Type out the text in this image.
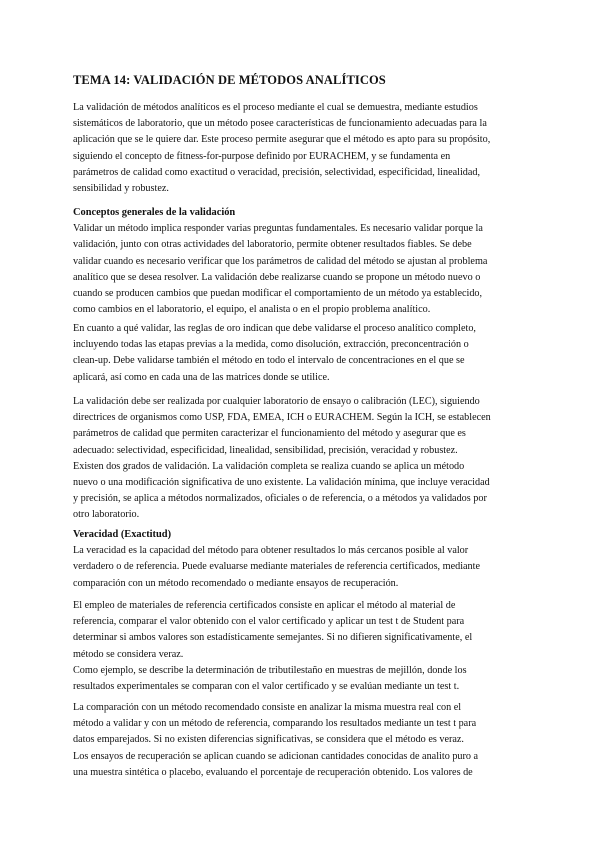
TEMA 14: VALIDACIÓN DE MÉTODOS ANALÍTICOS
La validación de métodos analíticos es el proceso mediante el cual se demuestra, mediante estudios
sistemáticos de laboratorio, que un método posee características de funcionamiento adecuadas para la
aplicación que se le quiere dar. Este proceso permite asegurar que el método es apto para su propósito,
siguiendo el concepto de fitness-for-purpose definido por EURACHEM, y se fundamenta en
parámetros de calidad como exactitud o veracidad, precisión, selectividad, especificidad, linealidad,
sensibilidad y robustez.
Conceptos generales de la validación
Validar un método implica responder varias preguntas fundamentales. Es necesario validar porque la
validación, junto con otras actividades del laboratorio, permite obtener resultados fiables. Se debe
validar cuando es necesario verificar que los parámetros de calidad del método se ajustan al problema
analítico que se desea resolver. La validación debe realizarse cuando se propone un método nuevo o
cuando se producen cambios que puedan modificar el comportamiento de un método ya establecido,
como cambios en el laboratorio, el equipo, el analista o en el propio problema analítico.
En cuanto a qué validar, las reglas de oro indican que debe validarse el proceso analítico completo,
incluyendo todas las etapas previas a la medida, como disolución, extracción, preconcentración o
clean-up. Debe validarse también el método en todo el intervalo de concentraciones en el que se
aplicará, así como en cada una de las matrices donde se utilice.
La validación debe ser realizada por cualquier laboratorio de ensayo o calibración (LEC), siguiendo
directrices de organismos como USP, FDA, EMEA, ICH o EURACHEM. Según la ICH, se establecen
parámetros de calidad que permiten caracterizar el funcionamiento del método y asegurar que es
adecuado: selectividad, especificidad, linealidad, sensibilidad, precisión, veracidad y robustez.
Existen dos grados de validación. La validación completa se realiza cuando se aplica un método
nuevo o una modificación significativa de uno existente. La validación mínima, que incluye veracidad
y precisión, se aplica a métodos normalizados, oficiales o de referencia, o a métodos ya validados por
otro laboratorio.
Veracidad (Exactitud)
La veracidad es la capacidad del método para obtener resultados lo más cercanos posible al valor
verdadero o de referencia. Puede evaluarse mediante materiales de referencia certificados, mediante
comparación con un método recomendado o mediante ensayos de recuperación.
El empleo de materiales de referencia certificados consiste en aplicar el método al material de
referencia, comparar el valor obtenido con el valor certificado y aplicar un test t de Student para
determinar si ambos valores son estadísticamente semejantes. Si no difieren significativamente, el
método se considera veraz.
Como ejemplo, se describe la determinación de tributilestaño en muestras de mejillón, donde los
resultados experimentales se comparan con el valor certificado y se evalúan mediante un test t.
La comparación con un método recomendado consiste en analizar la misma muestra real con el
método a validar y con un método de referencia, comparando los resultados mediante un test t para
datos emparejados. Si no existen diferencias significativas, se considera que el método es veraz.
Los ensayos de recuperación se aplican cuando se adicionan cantidades conocidas de analito puro a
una muestra sintética o placebo, evaluando el porcentaje de recuperación obtenido. Los valores de
